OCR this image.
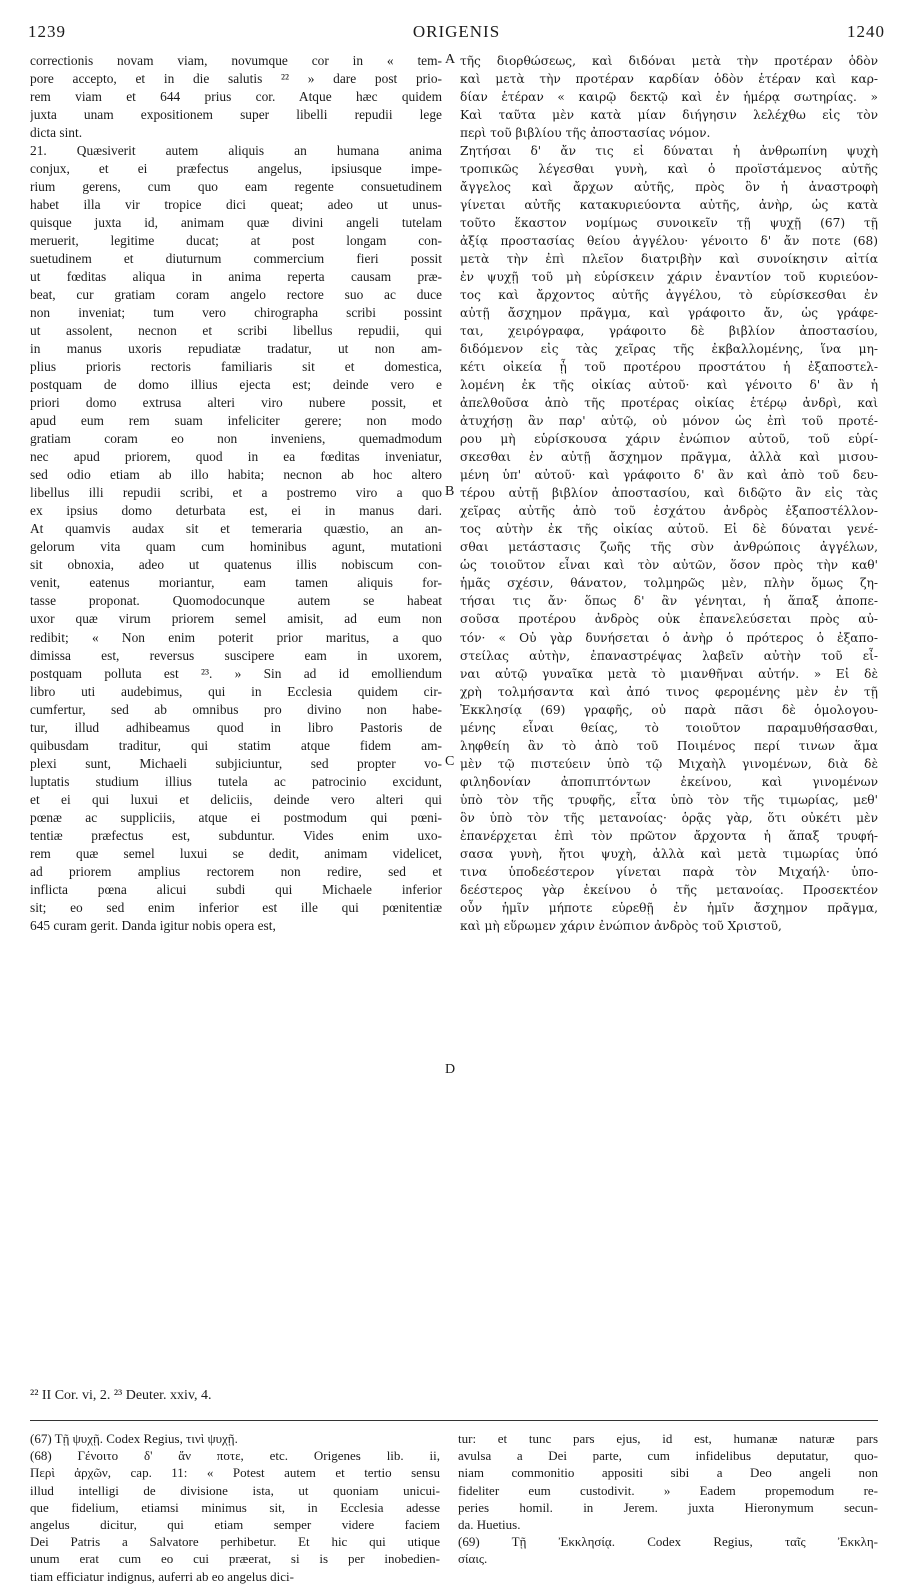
1239	ORIGENIS	1240
correctionis novam viam, novumque cor in « tem-
pore accepto, et in die salutis ²² » dare post prio-
rem viam et 644 prius cor. Atque hæc quidem
juxta unam expositionem super libelli repudii lege
dicta sint.
21. Quæsiverit autem aliquis an humana anima
conjux, et ei præfectus angelus, ipsiusque impe-
rium gerens, cum quo eam regente consuetudinem
habet illa vir tropice dici queat; adeo ut unus-
quisque juxta id, animam quæ divini angeli tutelam
meruerit, legitime ducat; at post longam con-
suetudinem et diuturnum commercium fieri possit
ut fœditas aliqua in anima reperta causam præ-
beat, cur gratiam coram angelo rectore suo ac duce
non inveniat; tum vero chirographa scribi possint
ut assolent, necnon et scribi libellus repudii, qui
in manus uxoris repudiatæ tradatur, ut non am-
plius prioris rectoris familiaris sit et domestica,
postquam de domo illius ejecta est; deinde vero e
priori domo extrusa alteri viro nubere possit, et
apud eum rem suam infeliciter gerere; non modo
gratiam coram eo non inveniens, quemadmodum
nec apud priorem, quod in ea fœditas inveniatur,
sed odio etiam ab illo habita; necnon ab hoc altero
libellus illi repudii scribi, et a postremo viro a quo
ex ipsius domo deturbata est, ei in manus dari.
At quamvis audax sit et temeraria quæstio, an an-
gelorum vita quam cum hominibus agunt, mutationi
sit obnoxia, adeo ut quatenus illis nobiscum con-
venit, eatenus moriantur, eam tamen aliquis for-
tasse proponat. Quomodocunque autem se habeat
uxor quæ virum priorem semel amisit, ad eum non
redibit; « Non enim poterit prior maritus, a quo
dimissa est, reversus suscipere eam in uxorem,
postquam polluta est ²³. » Sin ad id emolliendum
libro uti audebimus, qui in Ecclesia quidem cir-
cumfertur, sed ab omnibus pro divino non habe-
tur, illud adhibeamus quod in libro Pastoris de
quibusdam traditur, qui statim atque fidem am-
plexi sunt, Michaeli subjiciuntur, sed propter vo-
luptatis studium illius tutela ac patrocinio excidunt,
et ei qui luxui et deliciis, deinde vero alteri qui
pœnæ ac suppliciis, atque ei postmodum qui pœni-
tentiæ præfectus est, subduntur. Vides enim uxo-
rem quæ semel luxui se dedit, animam videlicet,
ad priorem amplius rectorem non redire, sed et
inflicta pœna alicui subdi qui Michaele inferior
sit; eo sed enim inferior est ille qui pœnitentiæ
645 curam gerit. Danda igitur nobis opera est,
τῆς διορθώσεως, καὶ διδόναι μετὰ τὴν προτέραν ὁδὸν
καὶ μετὰ τὴν προτέραν καρδίαν ὁδὸν ἑτέραν καὶ καρ-
δίαν ἑτέραν « καιρῷ δεκτῷ καὶ ἐν ἡμέρᾳ σωτηρίας. »
Καὶ ταῦτα μὲν κατὰ μίαν διήγησιν λελέχθω εἰς τὸν
περὶ τοῦ βιβλίου τῆς ἀποστασίας νόμον.
Ζητήσαι δ' ἄν τις εἰ δύναται ἡ ἀνθρωπίνη ψυχὴ
τροπικῶς λέγεσθαι γυνὴ, καὶ ὁ προϊστάμενος αὐτῆς
ἄγγελος καὶ ἄρχων αὐτῆς, πρὸς ὃν ἡ ἀναστροφὴ
γίνεται αὐτῆς κατακυριεύοντα αὐτῆς, ἀνὴρ, ὡς κατὰ
τοῦτο ἕκαστον νομίμως συνοικεῖν τῇ ψυχῇ (67) τῇ
ἀξίᾳ προστασίας θείου ἀγγέλου· γένοιτο δ' ἄν ποτε (68)
μετὰ τὴν ἐπὶ πλεῖον διατριβὴν καὶ συνοίκησιν αἰτία
ἐν ψυχῇ τοῦ μὴ εὑρίσκειν χάριν ἐναντίον τοῦ κυριεύον-
τος καὶ ἄρχοντος αὐτῆς ἀγγέλου, τὸ εὑρίσκεσθαι ἐν
αὐτῇ ἄσχημον πρᾶγμα, καὶ γράφοιτο ἄν, ὡς γράφε-
ται, χειρόγραφα, γράφοιτο δὲ βιβλίον ἀποστασίου,
διδόμενον εἰς τὰς χεῖρας τῆς ἐκβαλλομένης, ἵνα μη-
κέτι οἰκεία ᾖ τοῦ προτέρου προστάτου ἡ ἐξαποστελ-
λομένη ἐκ τῆς οἰκίας αὐτοῦ· καὶ γένοιτο δ' ἂν ἡ
ἀπελθοῦσα ἀπὸ τῆς προτέρας οἰκίας ἑτέρῳ ἀνδρὶ, καὶ
ἀτυχήσῃ ἂν παρ' αὐτῷ, οὐ μόνον ὡς ἐπὶ τοῦ προτέ-
ρου μὴ εὑρίσκουσα χάριν ἐνώπιον αὐτοῦ, τοῦ εὑρί-
σκεσθαι ἐν αὐτῇ ἄσχημον πρᾶγμα, ἀλλὰ καὶ μισου-
μένη ὑπ' αὐτοῦ· καὶ γράφοιτο δ' ἂν καὶ ἀπὸ τοῦ δευ-
τέρου αὐτῇ βιβλίον ἀποστασίου, καὶ διδῷτο ἂν εἰς τὰς
χεῖρας αὐτῆς ἀπὸ τοῦ ἐσχάτου ἀνδρὸς ἐξαποστέλλον-
τος αὐτὴν ἐκ τῆς οἰκίας αὐτοῦ. Εἰ δὲ δύναται γενέ-
σθαι μετάστασις ζωῆς τῆς σὺν ἀνθρώποις ἀγγέλων,
ὡς τοιοῦτον εἶναι καὶ τὸν αὐτῶν, ὅσον πρὸς τὴν καθ'
ἡμᾶς σχέσιν, θάνατον, τολμηρῶς μὲν, πλὴν ὅμως ζη-
τήσαι τις ἄν· ὅπως δ' ἂν γένηται, ἡ ἅπαξ ἀποπε-
σοῦσα προτέρου ἀνδρὸς οὐκ ἐπανελεύσεται πρὸς αὐ-
τόν· « Οὐ γὰρ δυνήσεται ὁ ἀνὴρ ὁ πρότερος ὁ ἐξαπο-
στείλας αὐτὴν, ἐπαναστρέψας λαβεῖν αὐτὴν τοῦ εἶ-
ναι αὐτῷ γυναῖκα μετὰ τὸ μιανθῆναι αὐτήν. » Εἰ δὲ
χρὴ τολμήσαντα καὶ ἀπό τινος φερομένης μὲν ἐν τῇ
Ἐκκλησίᾳ (69) γραφῆς, οὐ παρὰ πᾶσι δὲ ὁμολογου-
μένης εἶναι θείας, τὸ τοιοῦτον παραμυθήσασθαι,
ληφθείη ἂν τὸ ἀπὸ τοῦ Ποιμένος περί τινων ἅμα
μὲν τῷ πιστεύειν ὑπὸ τῷ Μιχαὴλ γινομένων, διὰ δὲ
φιληδονίαν ἀποπιπτόντων ἐκείνου, καὶ γινομένων
ὑπὸ τὸν τῆς τρυφῆς, εἶτα ὑπὸ τὸν τῆς τιμωρίας, μεθ'
ὃν ὑπὸ τὸν τῆς μετανοίας· ὁρᾷς γὰρ, ὅτι οὐκέτι μὲν
ἐπανέρχεται ἐπὶ τὸν πρῶτον ἄρχοντα ἡ ἅπαξ τρυφή-
σασα γυνὴ, ἤτοι ψυχὴ, ἀλλὰ καὶ μετὰ τιμωρίας ὑπό
τινα ὑποδεέστερον γίνεται παρὰ τὸν Μιχαήλ· ὑπο-
δεέστερος γὰρ ἐκείνου ὁ τῆς μετανοίας. Προσεκτέον
οὖν ἡμῖν μήποτε εὑρεθῇ ἐν ἡμῖν ἄσχημον πρᾶγμα,
καὶ μὴ εὕρωμεν χάριν ἐνώπιον ἀνδρὸς τοῦ Χριστοῦ,
A
B
C
D
²² II Cor. vi, 2. ²³ Deuter. xxiv, 4.
(67) Τῇ ψυχῇ. Codex Regius, τινὶ ψυχῇ.
(68) Γένοιτο δ' ἄν ποτε, etc. Origenes lib. ii,
Περὶ ἀρχῶν, cap. 11: « Potest autem et tertio sensu
illud intelligi de divisione ista, ut quoniam unicui-
que fidelium, etiamsi minimus sit, in Ecclesia adesse
angelus dicitur, qui etiam semper videre faciem
Dei Patris a Salvatore perhibetur. Et hic qui utique
unum erat cum eo cui præerat, si is per inobedien-
tiam efficiatur indignus, auferri ab eo angelus dici-
tur: et tunc pars ejus, id est, humanæ naturæ pars
avulsa a Dei parte, cum infidelibus deputatur, quo-
niam commonitio appositi sibi a Deo angeli non
fideliter eum custodivit. » Eadem propemodum re-
peries homil. in Jerem. juxta Hieronymum secun-
da. Huetius.
(69) Τῇ Ἐκκλησίᾳ. Codex Regius, ταῖς Ἐκκλη-
σίαις.
